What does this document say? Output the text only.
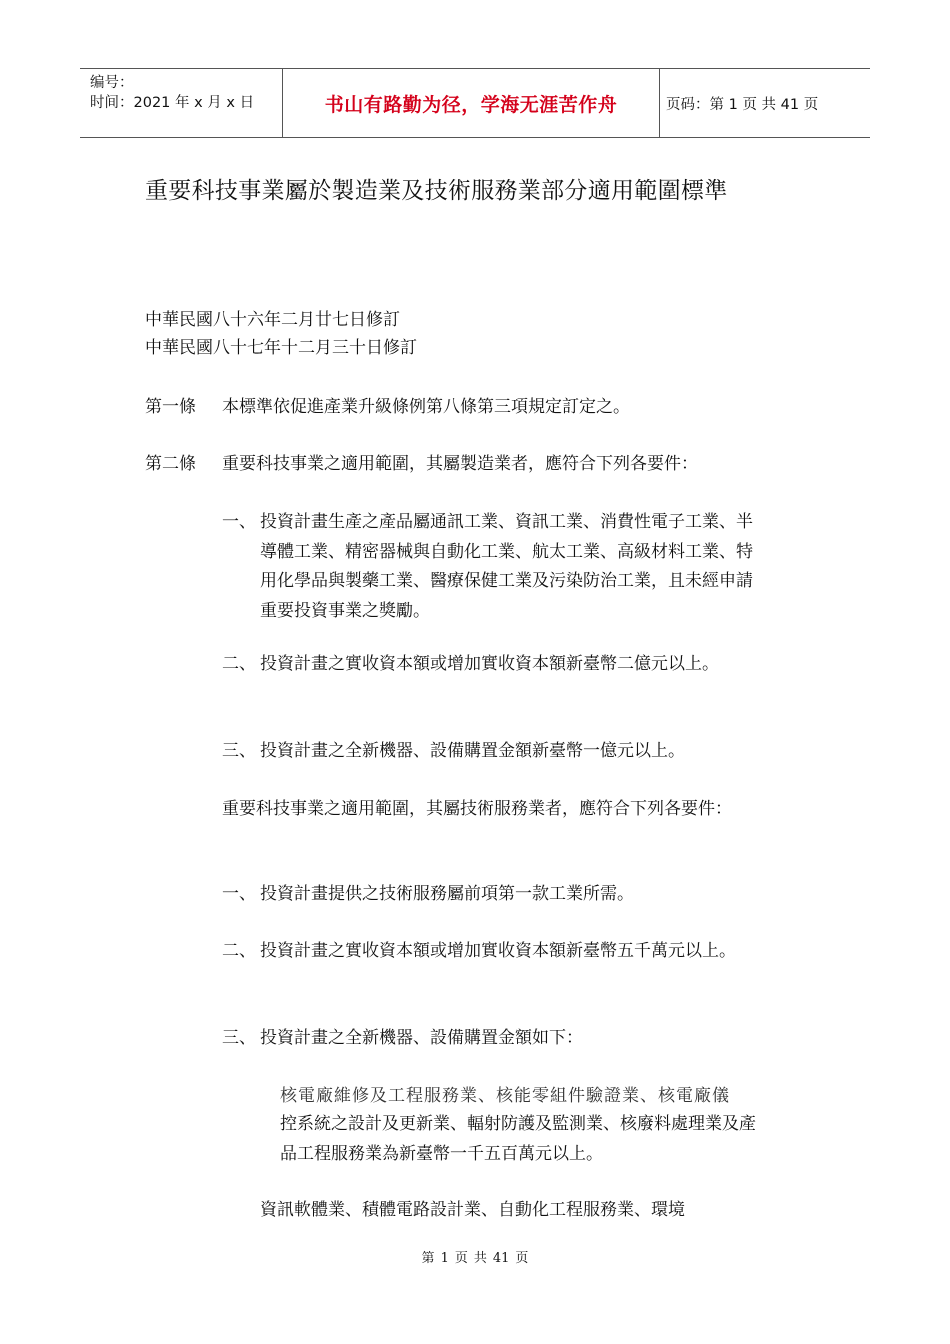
编号：
时间：2021 年 x 月 x 日	书山有路勤为径，学海无涯苦作舟	页码：第 1 页 共 41 页
重要科技事業屬於製造業及技術服務業部分適用範圍標準
中華民國八十六年二月廿七日修訂
中華民國八十七年十二月三十日修訂
第一條 本標準依促進產業升級條例第八條第三項規定訂定之。
第二條 重要科技事業之適用範圍，其屬製造業者，應符合下列各要件：
一、 投資計畫生產之產品屬通訊工業、資訊工業、消費性電子工業、半導體工業、精密器械與自動化工業、航太工業、高級材料工業、特用化學品與製藥工業、醫療保健工業及污染防治工業，且未經申請重要投資事業之獎勵。
二、 投資計畫之實收資本額或增加實收資本額新臺幣二億元以上。
三、 投資計畫之全新機器、設備購置金額新臺幣一億元以上。
重要科技事業之適用範圍，其屬技術服務業者，應符合下列各要件：
一、 投資計畫提供之技術服務屬前項第一款工業所需。
二、 投資計畫之實收資本額或增加實收資本額新臺幣五千萬元以上。
三、 投資計畫之全新機器、設備購置金額如下：
核電廠維修及工程服務業、核能零組件驗證業、核電廠儀
控系統之設計及更新業、輻射防護及監測業、核廢料處理業及產品工程服務業為新臺幣一千五百萬元以上。
資訊軟體業、積體電路設計業、自動化工程服務業、環境
第 1 页 共 41 页
